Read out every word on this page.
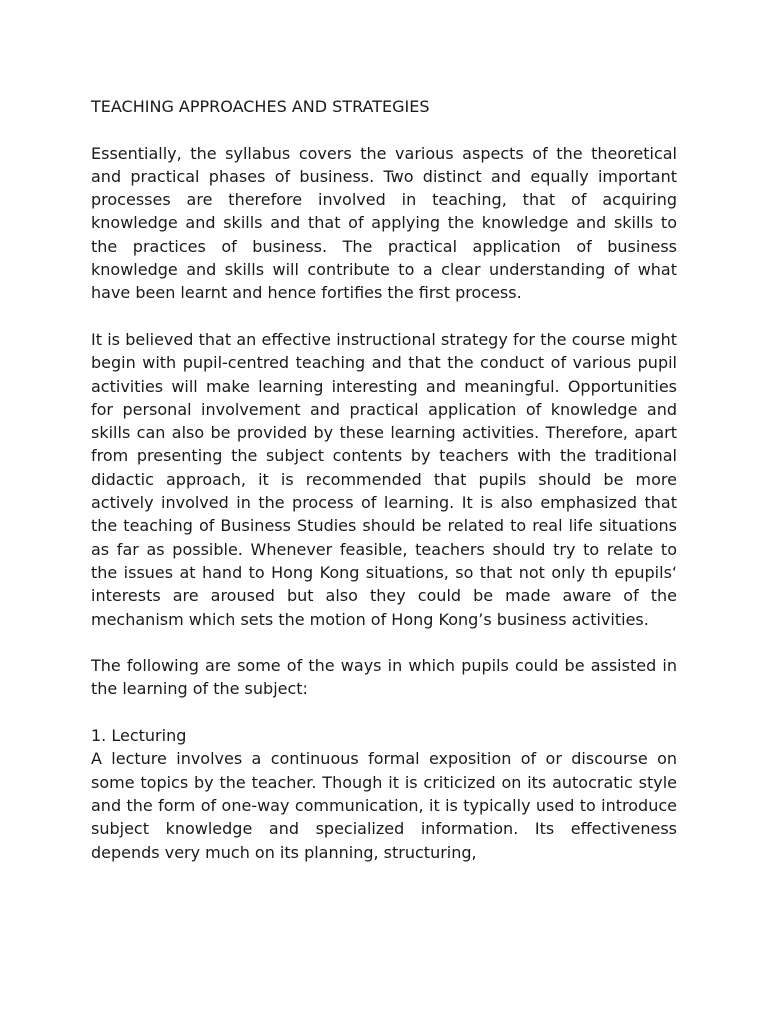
TEACHING APPROACHES AND STRATEGIES

Essentially, the syllabus covers the various aspects of the theoretical and practical phases of business. Two distinct and equally important processes are therefore involved in teaching, that of acquiring knowledge and skills and that of applying the knowledge and skills to the practices of business. The practical application of business knowledge and skills will contribute to a clear understanding of what have been learnt and hence fortifies the first process.

It is believed that an effective instructional strategy for the course might begin with pupil-centred teaching and that the conduct of various pupil activities will make learning interesting and meaningful. Opportunities for personal involvement and practical application of knowledge and skills can also be provided by these learning activities. Therefore, apart from presenting the subject contents by teachers with the traditional didactic approach, it is recommended that pupils should be more actively involved in the process of learning. It is also emphasized that the teaching of Business Studies should be related to real life situations as far as possible. Whenever feasible, teachers should try to relate to the issues at hand to Hong Kong situations, so that not only th epupils‘ interests are aroused but also they could be made aware of the mechanism which sets the motion of Hong Kong’s business activities.

The following are some of the ways in which pupils could be assisted in the learning of the subject:

1. Lecturing

A lecture involves a continuous formal exposition of or discourse on some topics by the teacher. Though it is criticized on its autocratic style and the form of one-way communication, it is typically used to introduce subject knowledge and specialized information. Its effectiveness depends very much on its planning, structuring,
